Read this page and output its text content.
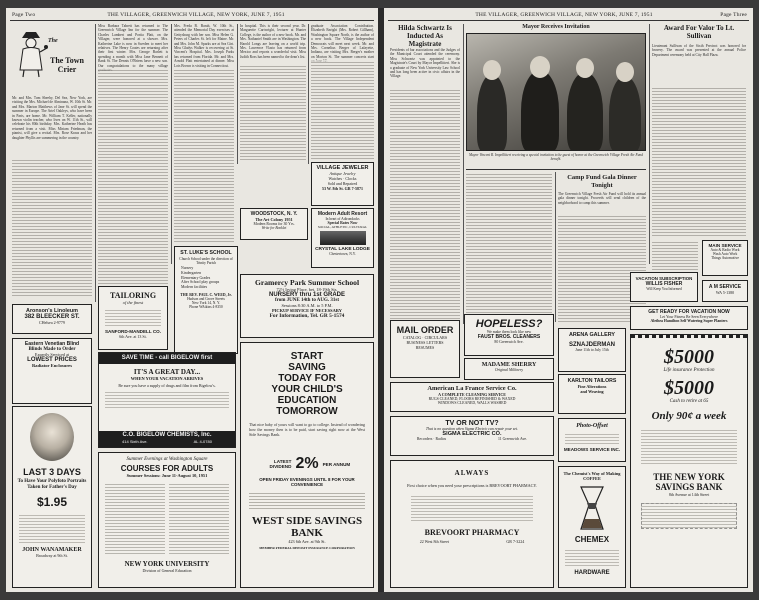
Page Two	THE VILLAGER, GREENWICH VILLAGE, NEW YORK, JUNE 7, 1951
The
The Town Crier
Mr. and Mrs. Tom Sheehy, Del Sea, New York, are visiting the Mrs. Michael de Alminana, W. 10th St. Mr. and Mrs. Marion Matthews of Jane St. will spend the summer in Europe. The Ariel Oakleys, who have been in Paris, are home. Mr. William T. Keller, nationally known violin teacher, who lives on W. 11th St., will celebrate his 80th birthday. Mrs. Katherine Heath has returned from a visit. Miss Miriam Friedman, the pianist, will give a recital. Mrs. Rose Kraus and her daughter Phyllis are summering in the country.
Miss Barbara Tabrett has returned to The Greenwich Village Inn for the summer. The Charles Lambert and Portia Platt, on the Villager, were honored at a shower. Mrs. Katherine Lake is now in Sweden to meet her relatives. The Henry Coates are returning after their first winter. Mrs. George Barlett is spending a month with Miss Jane Bennett of Bank St. The Dennis O'Briens have a new son. Our congratulations to the many village
Mrs. Freda B. Baruh, W. 10th St., attended the Memorial Day exercises at Gettysburg with her son. Miss Helen G. Peters of Charles St. left for Maine. Mr. and Mrs. John M. Sparks are at Sea Girt. Miss Gladys Walker is recovering at St. Vincent's Hospital. Mrs. Joseph Parks has returned from Florida. Mr. and Mrs. Arnold Platt entertained at dinner. Miss Lois Brown is visiting in Connecticut.
In hospital. This is their second year. Dr. Marguerite Cartwright, lecturer at Hunter College, is the author of a new book. Mr. and Mrs. Nathaniel Smith are in Washington. The Harold Longs are leaving on a world trip. Mrs. Lawrence Vlasto has returned from Mexico and reports a wonderful visit. Miss Judith Ross has been named to the dean's list.
graduate Association Contribution. Elizabeth Enright (Mrs. Robert Gillham), Washington Square North, is the author of a new book. The Village Independent Democrats will meet next week. Mr. and Mrs. Cornelius Berger of Lafayette, Indiana, are visiting Mrs. Berger's mother on Morton St. The summer concerts start
VILLAGE JEWELER
Antique Jewelry
Watches · Clocks
Sold and Repaired
53 W. 8th St. GR 7-5871
Modern Adult Resort
In heart of Adirondacks
Special Rates Now
SOCIAL, ATHLETIC, CULTURAL
CRYSTAL LAKE LODGE
Chestertown, N.Y.
WOODSTOCK, N. Y.
The Art Colony 1951
Modern Rooms for 30 Yrs.
Write for Booklet
ST. LUKE'S SCHOOL
Church School under the direction of Trinity Parish
Nursery
Kindergarten
Elementary Grades
After School play groups
Modern facilities
THE REV. PAUL C. WEED, Jr.
Hudson and Grove Streets
New York 14, N. Y.
Phone WAtkins 4-8350
Gramercy Park Summer School
72½ Irving Place, bet. 18-19th Sts.
NURSERY thru 1st GRADE
from JUNE 14th to AUG. 31st
Sessions 8:30 A.M. to 5 P.M.
PICKUP SERVICE IF NECESSARY
For Information, Tel. GR 5-1574
START
SAVING
TODAY FOR
YOUR CHILD'S
EDUCATION
TOMORROW
That nice baby of yours will want to go to college. Instead of wondering how the money then is to be paid, start saving right now at the West Side Savings Bank.
LATEST DIVIDEND 2% PER ANNUM
OPEN FRIDAY EVENINGS UNTIL 8 FOR YOUR CONVENIENCE
WEST SIDE SAVINGS BANK
423 6th Ave. at 9th St.
MEMBER FEDERAL DEPOSIT INSURANCE CORPORATION
Aronson's Linoleum
382 BLEECKER ST.
CHelsea 2-9779
Eastern Venetian Blind
Blinds Made to Order
Expertly Serviced at
LOWEST PRICES
Radiator Enclosures
TAILORING
of the finest
SANFORD-MANDELL CO.
6th Ave. at 13 St.
SAVE TIME - call BIGELOW first
IT'S A GREAT DAY...
WHEN YOUR VACATION ARRIVES
Be sure you have a supply of drugs and film from Bigelow's.
C.O. BIGELOW CHEMISTS, Inc.
414 Sixth Ave.	AL 4-0780
LAST 3 DAYS
To Have Your Polyfoto Portraits Taken for Father's Day
$1.95
JOHN WANAMAKER
Broadway at 9th St.
Summer Evenings at Washington Square
COURSES FOR ADULTS
Summer Sessions: June 11-August 10, 1951
NEW YORK UNIVERSITY
Division of General Education
THE VILLAGER, GREENWICH VILLAGE, NEW YORK, JUNE 7, 1951	Page Three
Hilda Schwartz Is Inducted As Magistrate
Presidents of bar associations and the Judges of the Municipal Court attended the ceremony. Miss Schwartz was appointed to the Magistrate's Court by Mayor Impellitteri. She is a graduate of New York University Law School and has long been active in civic affairs in the Village.
Mayor Receives Invitation
Mayor Vincent R. Impellitteri receiving a special invitation to be guest of honor at the Greenwich Village Fresh Air Fund benefit.
Camp Fund Gala Dinner Tonight
The Greenwich Village Fresh Air Fund will hold its annual gala dinner tonight. Proceeds will send children of the neighborhood to camp this summer.
Award For Valor To Lt. Sullivan
Lieutenant Sullivan of the Sixth Precinct was honored for bravery. The award was presented at the annual Police Department ceremony held at City Hall Plaza.
MAIN SERVICE
Auto & Radio Work
Wash Auto Work
Things Automotive
A M SERVICE
WA 5-1380
VACATION SUBSCRIPTION
WILLIS FISHER
Will Keep You Informed
GET READY FOR VACATION NOW
Let Your Fitness Be Seen Everywhere
Alethea Hamilton Self Watering Super Planters
MAIL ORDER
CATALOG · CIRCULARS
BUSINESS LETTERS
RESUMES
HOPELESS?
We make them look like new
FAUST BROS. CLEANERS
80 Greenwich Ave.
MADAME SHERRY
Original Millinery
ARENA GALLERY
SZNAJDERMAN
June 11th to July 15th
KARLTON TAILORS
Fine Alterations
and Weaving
American La France Service Co.
A COMPLETE CLEANING SERVICE
RUGS CLEANED, FLOORS REFINISHED & WAXED
WINDOWS CLEANED, WALLS WASHED
TV OR NOT TV?
That is no question when Sigma Electric can repair your set.
SIGMA ELECTRIC CO.
Recorders · Radios	11 Greenwich Ave.
ALWAYS
First choice when you need your prescriptions is BREVOORT PHARMACY.
BREVOORT PHARMACY
22 West 8th Street	GR 7-3224
Photo-Offset
MEADOWS SERVICE INC.
The Chemist's Way of Making COFFEE
CHEMEX
HARDWARE
$5000
Life insurance Protection
$5000
Cash to retire at 65
Only 90¢ a week
THE NEW YORK SAVINGS BANK
8th Avenue at 14th Street
